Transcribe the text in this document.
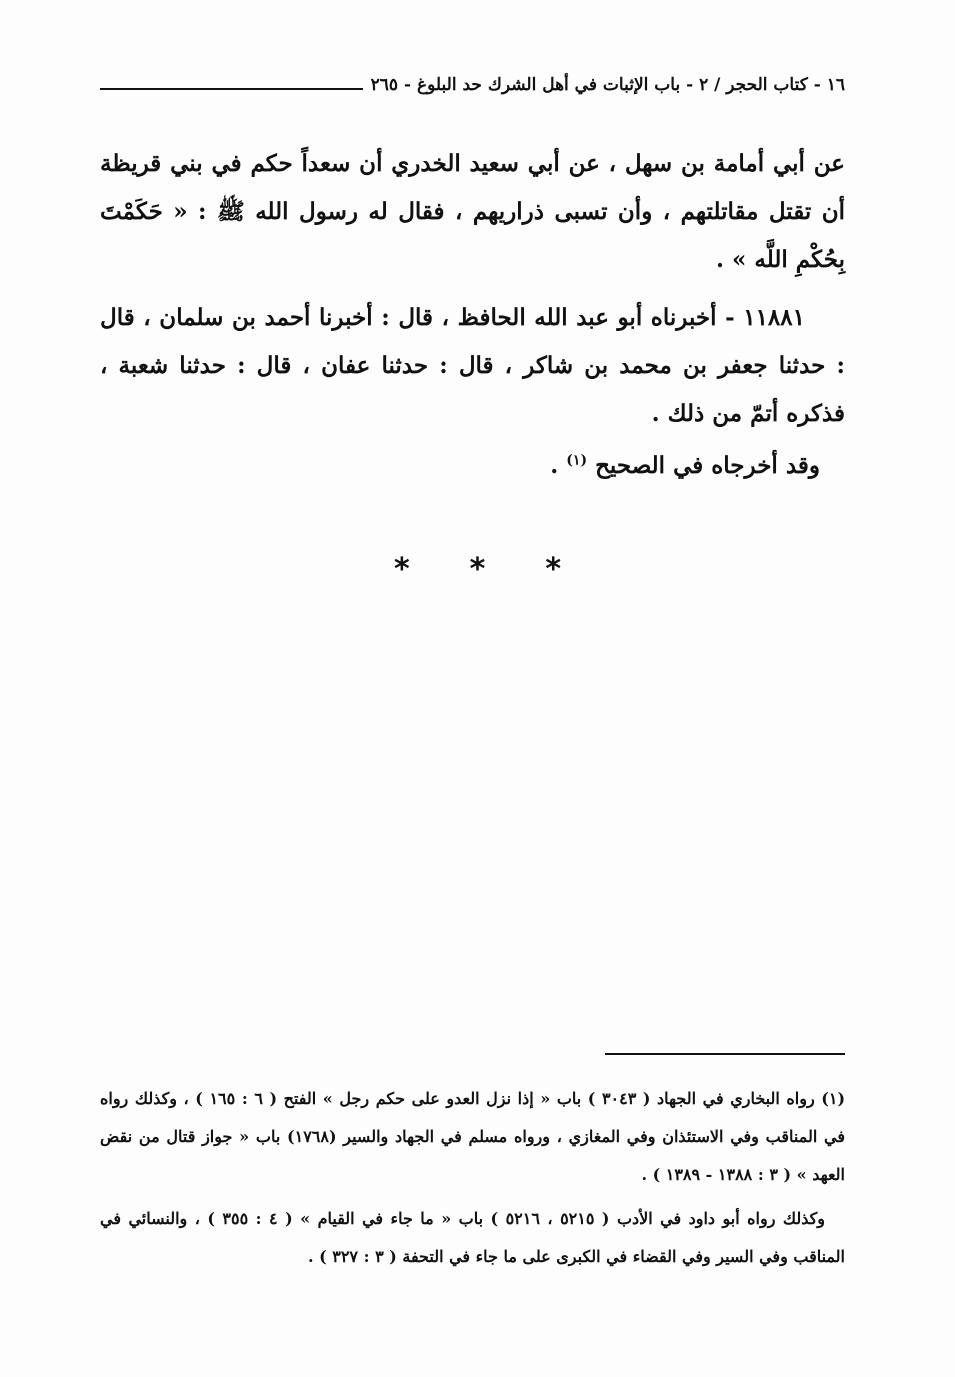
١٦ - كتاب الحجر / ٢ - باب الإثبات في أهل الشرك حد البلوغ - ٢٦٥

عن أبي أمامة بن سهل ، عن أبي سعيد الخدري أن سعداً حكم في بني قريظة أن تقتل مقاتلتهم ، وأن تسبى ذراريهم ، فقال له رسول الله ﷺ : « حَكَمْتَ بِحُكْمِ اللَّه » .

١١٨٨١ - أخبرناه أبو عبد الله الحافظ ، قال : أخبرنا أحمد بن سلمان ، قال : حدثنا جعفر بن محمد بن شاكر ، قال : حدثنا عفان ، قال : حدثنا شعبة ، فذكره أتمّ من ذلك .

وقد أخرجاه في الصحيح $^{(١)}$ .

* * *

(١) رواه البخاري في الجهاد ( ٣٠٤٣ ) باب « إذا نزل العدو على حكم رجل » الفتح ( ٦ : ١٦٥ ) ، وكذلك رواه في المناقب وفي الاستئذان وفي المغازي ، ورواه مسلم في الجهاد والسير (١٧٦٨) باب « جواز قتال من نقض العهد » ( ٣ : ١٣٨٨ - ١٣٨٩ ) .

وكذلك رواه أبو داود في الأدب ( ٥٢١٥ ، ٥٢١٦ ) باب « ما جاء في القيام » ( ٤ : ٣٥٥ ) ، والنسائي في المناقب وفي السير وفي القضاء في الكبرى على ما جاء في التحفة ( ٣ : ٣٢٧ ) .
